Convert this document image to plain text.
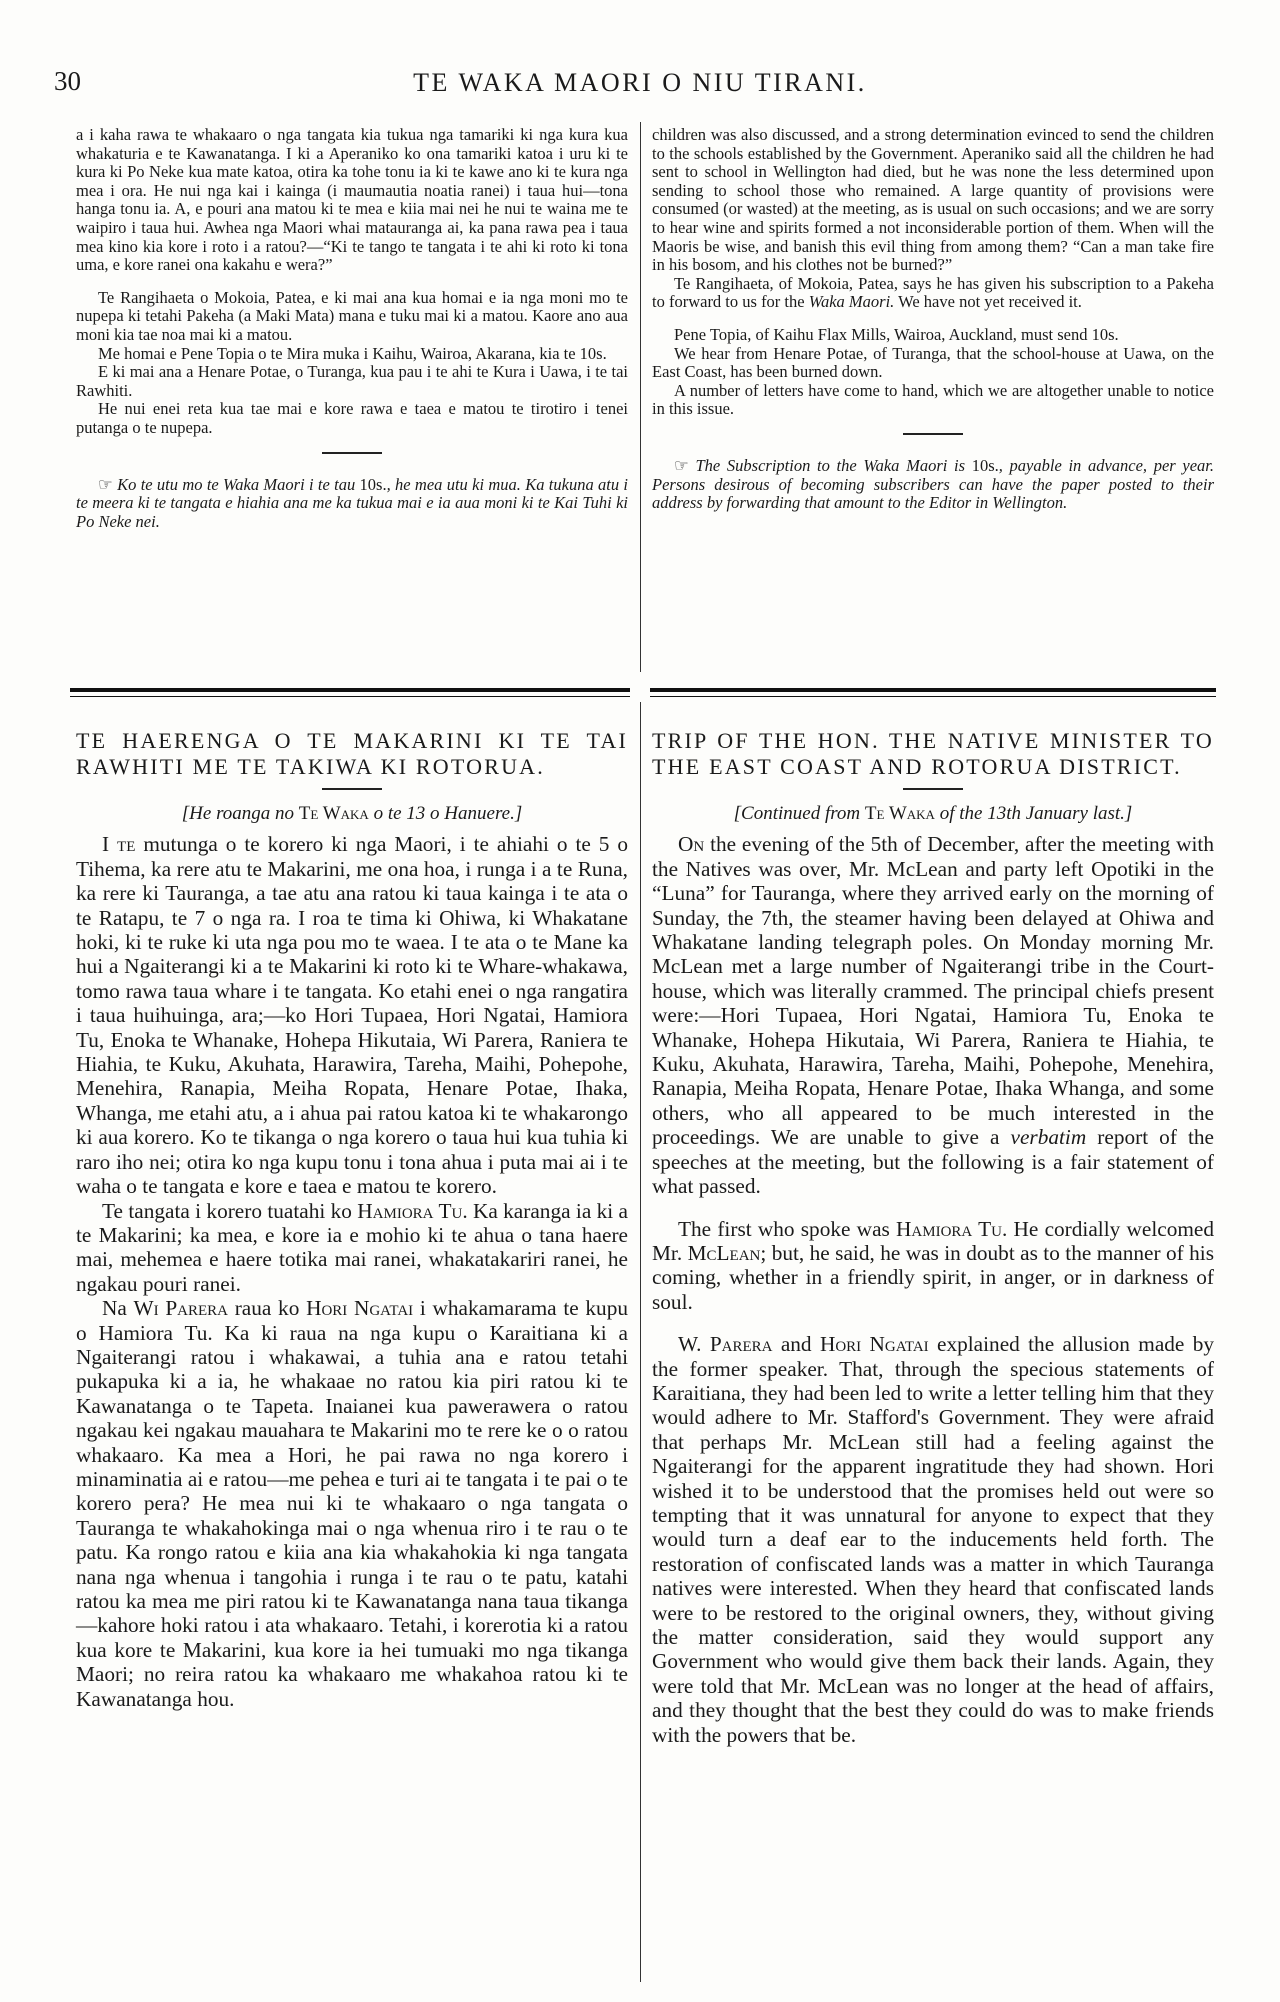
30	TE WAKA MAORI O NIU TIRANI.

a i kaha rawa te whakaaro o nga tangata kia tukua nga tamariki ki nga kura kua whakaturia e te Kawanatanga. I ki a Aperaniko ko ona tamariki katoa i uru ki te kura ki Po Neke kua mate katoa, otira ka tohe tonu ia ki te kawe ano ki te kura nga mea i ora. He nui nga kai i kainga (i maumautia noatia ranei) i taua hui—tona hanga tonu ia. A, e pouri ana matou ki te mea e kiia mai nei he nui te waina me te waipiro i taua hui. Awhea nga Maori whai matauranga ai, ka pana rawa pea i taua mea kino kia kore i roto i a ratou?—“Ki te tango te tangata i te ahi ki roto ki tona uma, e kore ranei ona kakahu e wera?”

Te Rangihaeta o Mokoia, Patea, e ki mai ana kua homai e ia nga moni mo te nupepa ki tetahi Pakeha (a Maki Mata) mana e tuku mai ki a matou. Kaore ano aua moni kia tae noa mai ki a matou.

Me homai e Pene Topia o te Mira muka i Kaihu, Wairoa, Akarana, kia te 10s.

E ki mai ana a Henare Potae, o Turanga, kua pau i te ahi te Kura i Uawa, i te tai Rawhiti.

He nui enei reta kua tae mai e kore rawa e taea e matou te tirotiro i tenei putanga o te nupepa.

☞ Ko te utu mo te Waka Maori i te tau 10s., he mea utu ki mua. Ka tukuna atu i te meera ki te tangata e hiahia ana me ka tukua mai e ia aua moni ki te Kai Tuhi ki Po Neke nei.

children was also discussed, and a strong determination evinced to send the children to the schools established by the Government. Aperaniko said all the children he had sent to school in Wellington had died, but he was none the less determined upon sending to school those who remained. A large quantity of provisions were consumed (or wasted) at the meeting, as is usual on such occasions; and we are sorry to hear wine and spirits formed a not inconsiderable portion of them. When will the Maoris be wise, and banish this evil thing from among them? “Can a man take fire in his bosom, and his clothes not be burned?”

Te Rangihaeta, of Mokoia, Patea, says he has given his subscription to a Pakeha to forward to us for the Waka Maori. We have not yet received it.

Pene Topia, of Kaihu Flax Mills, Wairoa, Auckland, must send 10s.

We hear from Henare Potae, of Turanga, that the school-house at Uawa, on the East Coast, has been burned down.

A number of letters have come to hand, which we are altogether unable to notice in this issue.

☞ The Subscription to the Waka Maori is 10s., payable in advance, per year. Persons desirous of becoming subscribers can have the paper posted to their address by forwarding that amount to the Editor in Wellington.
TE HAERENGA O TE MAKARINI KI TE TAI RAWHITI ME TE TAKIWA KI ROTORUA.
[He roanga no Te Waka o te 13 o Hanuere.]

I te mutunga o te korero ki nga Maori, i te ahiahi o te 5 o Tihema, ka rere atu te Makarini, me ona hoa, i runga i a te Runa, ka rere ki Tauranga, a tae atu ana ratou ki taua kainga i te ata o te Ratapu, te 7 o nga ra. I roa te tima ki Ohiwa, ki Whakatane hoki, ki te ruke ki uta nga pou mo te waea. I te ata o te Mane ka hui a Ngaiterangi ki a te Makarini ki roto ki te Whare-whakawa, tomo rawa taua whare i te tangata. Ko etahi enei o nga rangatira i taua huihuinga, ara;—ko Hori Tupaea, Hori Ngatai, Hamiora Tu, Enoka te Whanake, Hohepa Hikutaia, Wi Parera, Raniera te Hiahia, te Kuku, Akuhata, Harawira, Tareha, Maihi, Pohepohe, Menehira, Ranapia, Meiha Ropata, Henare Potae, Ihaka, Whanga, me etahi atu, a i ahua pai ratou katoa ki te whakarongo ki aua korero. Ko te tikanga o nga korero o taua hui kua tuhia ki raro iho nei; otira ko nga kupu tonu i tona ahua i puta mai ai i te waha o te tangata e kore e taea e matou te korero.

Te tangata i korero tuatahi ko Hamiora Tu. Ka karanga ia ki a te Makarini; ka mea, e kore ia e mohio ki te ahua o tana haere mai, mehemea e haere totika mai ranei, whakatakariri ranei, he ngakau pouri ranei.

Na Wi Parera raua ko Hori Ngatai i whakamarama te kupu o Hamiora Tu. Ka ki raua na nga kupu o Karaitiana ki a Ngaiterangi ratou i whakawai, a tuhia ana e ratou tetahi pukapuka ki a ia, he whakaae no ratou kia piri ratou ki te Kawanatanga o te Tapeta. Inaianei kua pawerawera o ratou ngakau kei ngakau mauahara te Makarini mo te rere ke o o ratou whakaaro. Ka mea a Hori, he pai rawa no nga korero i minaminatia ai e ratou—me pehea e turi ai te tangata i te pai o te korero pera? He mea nui ki te whakaaro o nga tangata o Tauranga te whakahokinga mai o nga whenua riro i te rau o te patu. Ka rongo ratou e kiia ana kia whakahokia ki nga tangata nana nga whenua i tangohia i runga i te rau o te patu, katahi ratou ka mea me piri ratou ki te Kawanatanga nana taua tikanga—kahore hoki ratou i ata whakaaro. Tetahi, i korerotia ki a ratou kua kore te Makarini, kua kore ia hei tumuaki mo nga tikanga Maori; no reira ratou ka whakaaro me whakahoa ratou ki te Kawanatanga hou.

TRIP OF THE HON. THE NATIVE MINISTER TO THE EAST COAST AND ROTORUA DISTRICT.
[Continued from Te Waka of the 13th January last.]

On the evening of the 5th of December, after the meeting with the Natives was over, Mr. McLean and party left Opotiki in the “Luna” for Tauranga, where they arrived early on the morning of Sunday, the 7th, the steamer having been delayed at Ohiwa and Whakatane landing telegraph poles. On Monday morning Mr. McLean met a large number of Ngaiterangi tribe in the Court-house, which was literally crammed. The principal chiefs present were:—Hori Tupaea, Hori Ngatai, Hamiora Tu, Enoka te Whanake, Hohepa Hikutaia, Wi Parera, Raniera te Hiahia, te Kuku, Akuhata, Harawira, Tareha, Maihi, Pohepohe, Menehira, Ranapia, Meiha Ropata, Henare Potae, Ihaka Whanga, and some others, who all appeared to be much interested in the proceedings. We are unable to give a verbatim report of the speeches at the meeting, but the following is a fair statement of what passed.

The first who spoke was Hamiora Tu. He cordially welcomed Mr. McLean; but, he said, he was in doubt as to the manner of his coming, whether in a friendly spirit, in anger, or in darkness of soul.

W. Parera and Hori Ngatai explained the allusion made by the former speaker. That, through the specious statements of Karaitiana, they had been led to write a letter telling him that they would adhere to Mr. Stafford's Government. They were afraid that perhaps Mr. McLean still had a feeling against the Ngaiterangi for the apparent ingratitude they had shown. Hori wished it to be understood that the promises held out were so tempting that it was unnatural for anyone to expect that they would turn a deaf ear to the inducements held forth. The restoration of confiscated lands was a matter in which Tauranga natives were interested. When they heard that confiscated lands were to be restored to the original owners, they, without giving the matter consideration, said they would support any Government who would give them back their lands. Again, they were told that Mr. McLean was no longer at the head of affairs, and they thought that the best they could do was to make friends with the powers that be.
